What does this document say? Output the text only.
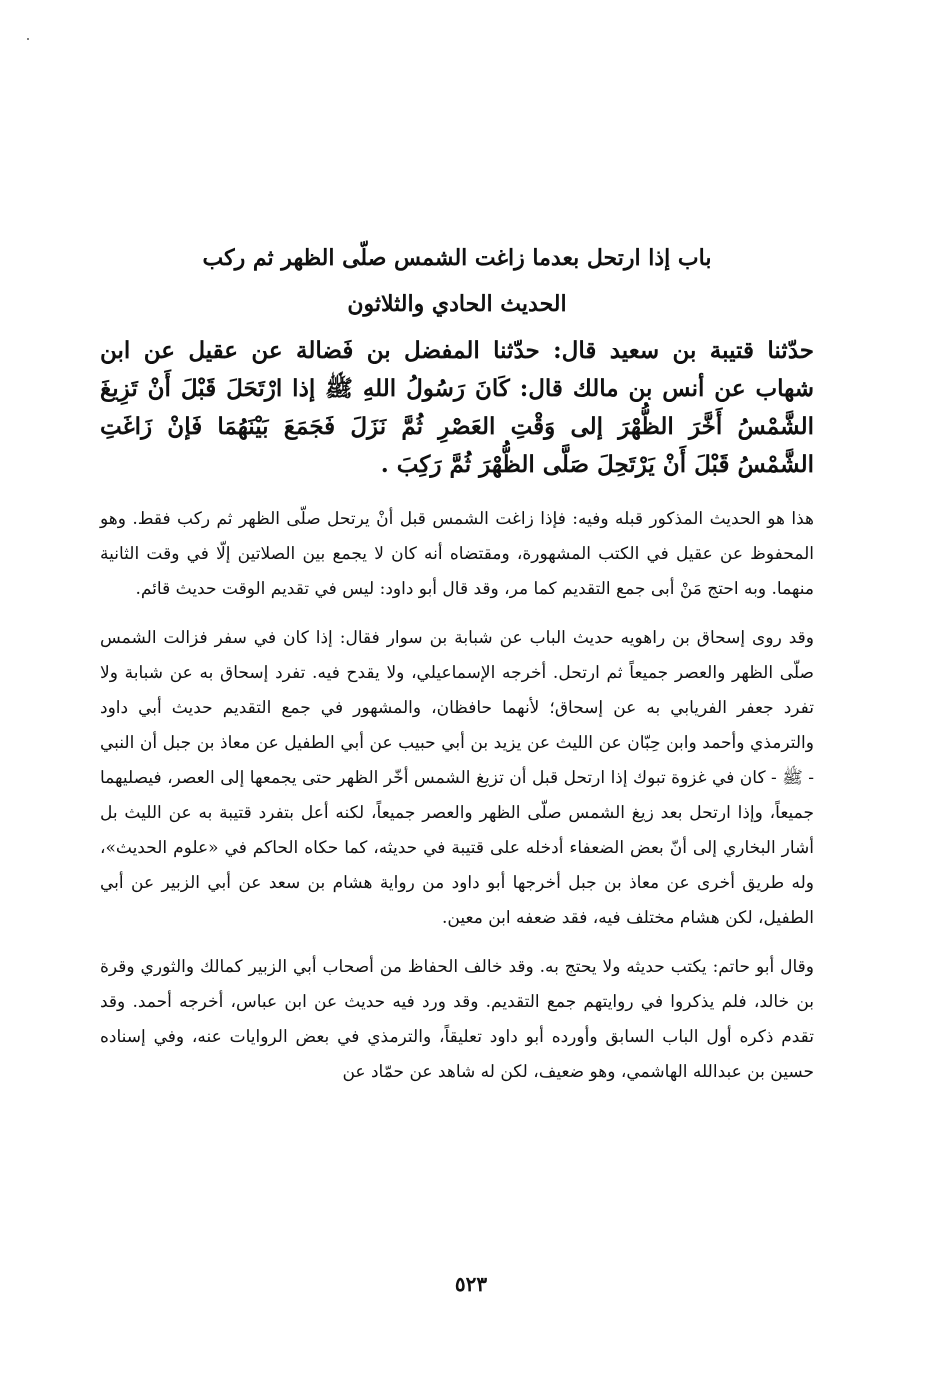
باب إذا ارتحل بعدما زاغت الشمس صلّى الظهر ثم ركب
الحديث الحادي والثلاثون

حدّثنا قتيبة بن سعيد قال: حدّثنا المفضل بن فَضالة عن عقيل عن ابن شهاب عن أنس بن مالك قال: كَانَ رَسُولُ اللهِ ﷺ إذا ارْتَحَلَ قَبْلَ أَنْ تَزِيغَ الشَّمْسُ أَخَّرَ الظُّهْرَ إلى وَقْتِ العَصْرِ ثُمَّ نَزَلَ فَجَمَعَ بَيْنَهُمَا فَإنْ زَاغَتِ الشَّمْسُ قَبْلَ أَنْ يَرْتَحِلَ صَلَّى الظُّهْرَ ثُمَّ رَكِبَ .

هذا هو الحديث المذكور قبله وفيه: فإذا زاغت الشمس قبل أنْ يرتحل صلّى الظهر ثم ركب فقط. وهو المحفوظ عن عقيل في الكتب المشهورة، ومقتضاه أنه كان لا يجمع بين الصلاتين إلّا في وقت الثانية منهما. وبه احتج مَنْ أبى جمع التقديم كما مر، وقد قال أبو داود: ليس في تقديم الوقت حديث قائم.

وقد روى إسحاق بن راهويه حديث الباب عن شبابة بن سوار فقال: إذا كان في سفر فزالت الشمس صلّى الظهر والعصر جميعاً ثم ارتحل. أخرجه الإسماعيلي، ولا يقدح فيه. تفرد إسحاق به عن شبابة ولا تفرد جعفر الفريابي به عن إسحاق؛ لأنهما حافظان، والمشهور في جمع التقديم حديث أبي داود والترمذي وأحمد وابن حِبّان عن الليث عن يزيد بن أبي حبيب عن أبي الطفيل عن معاذ بن جبل أن النبي - ﷺ - كان في غزوة تبوك إذا ارتحل قبل أن تزيغ الشمس أخّر الظهر حتى يجمعها إلى العصر، فيصليهما جميعاً، وإذا ارتحل بعد زيغ الشمس صلّى الظهر والعصر جميعاً، لكنه أعل بتفرد قتيبة به عن الليث بل أشار البخاري إلى أنّ بعض الضعفاء أدخله على قتيبة في حديثه، كما حكاه الحاكم في «علوم الحديث»، وله طريق أخرى عن معاذ بن جبل أخرجها أبو داود من رواية هشام بن سعد عن أبي الزبير عن أبي الطفيل، لكن هشام مختلف فيه، فقد ضعفه ابن معين.

وقال أبو حاتم: يكتب حديثه ولا يحتج به. وقد خالف الحفاظ من أصحاب أبي الزبير كمالك والثوري وقرة بن خالد، فلم يذكروا في روايتهم جمع التقديم. وقد ورد فيه حديث عن ابن عباس، أخرجه أحمد. وقد تقدم ذكره أول الباب السابق وأورده أبو داود تعليقاً، والترمذي في بعض الروايات عنه، وفي إسناده حسين بن عبدالله الهاشمي، وهو ضعيف، لكن له شاهد عن حمّاد عن

٥٢٣
